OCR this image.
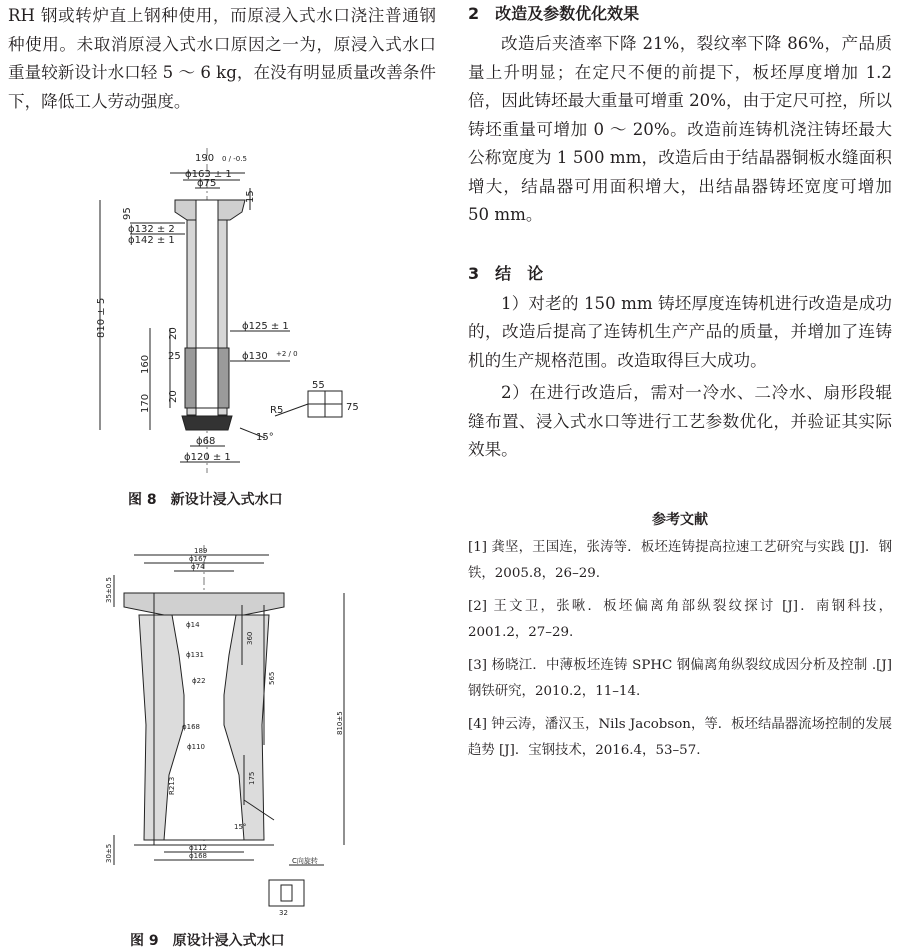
RH 钢或转炉直上钢种使用，而原浸入式水口浇注普通钢种使用。未取消原浸入式水口原因之一为，原浸入式水口重量较新设计水口轻 5 ～ 6 kg，在没有明显质量改善条件下，降低工人劳动强度。

190 0 / -0.5
ϕ163 ± 1
ϕ75
15
95
ϕ132 ± 2
ϕ142 ± 1
810 ± 5	20
ϕ125 ± 1
25	ϕ130 +2 / 0
160
20
170
ϕ68
ϕ120 ± 1
R5
55
75
15°
图 8　新设计浸入式水口
189
ϕ167
ϕ74
35±0.5
ϕ14
ϕ131
ϕ22
ϕ168
ϕ110
360
565
810±5
175
R213
15°
ϕ112
ϕ168
30±5	C向旋转
32
图 9　原设计浸入式水口

2　改造及参数优化效果

改造后夹渣率下降 21%，裂纹率下降 86%，产品质量上升明显；在定尺不便的前提下，板坯厚度增加 1.2 倍，因此铸坯最大重量可增重 20%，由于定尺可控，所以铸坯重量可增加 0 ～ 20%。改造前连铸机浇注铸坯最大公称宽度为 1 500 mm，改造后由于结晶器铜板水缝面积增大，结晶器可用面积增大，出结晶器铸坯宽度可增加 50 mm。

3　结　论

1）对老的 150 mm 铸坯厚度连铸机进行改造是成功的，改造后提高了连铸机生产产品的质量，并增加了连铸机的生产规格范围。改造取得巨大成功。

2）在进行改造后，需对一冷水、二冷水、扇形段辊缝布置、浸入式水口等进行工艺参数优化，并验证其实际效果。

参考文献

[1] 龚坚，王国连，张涛等．板坯连铸提高拉速工艺研究与实践 [J]．钢铁，2005.8，26–29.

[2] 王文卫，张啾．板坯偏离角部纵裂纹探讨 [J]．南钢科技，2001.2，27–29.

[3] 杨晓江．中薄板坯连铸 SPHC 钢偏离角纵裂纹成因分析及控制 .[J] 钢铁研究，2010.2，11–14.

[4] 钟云涛，潘汉玉，Nils Jacobson，等．板坯结晶器流场控制的发展趋势 [J]．宝钢技术，2016.4，53–57.
